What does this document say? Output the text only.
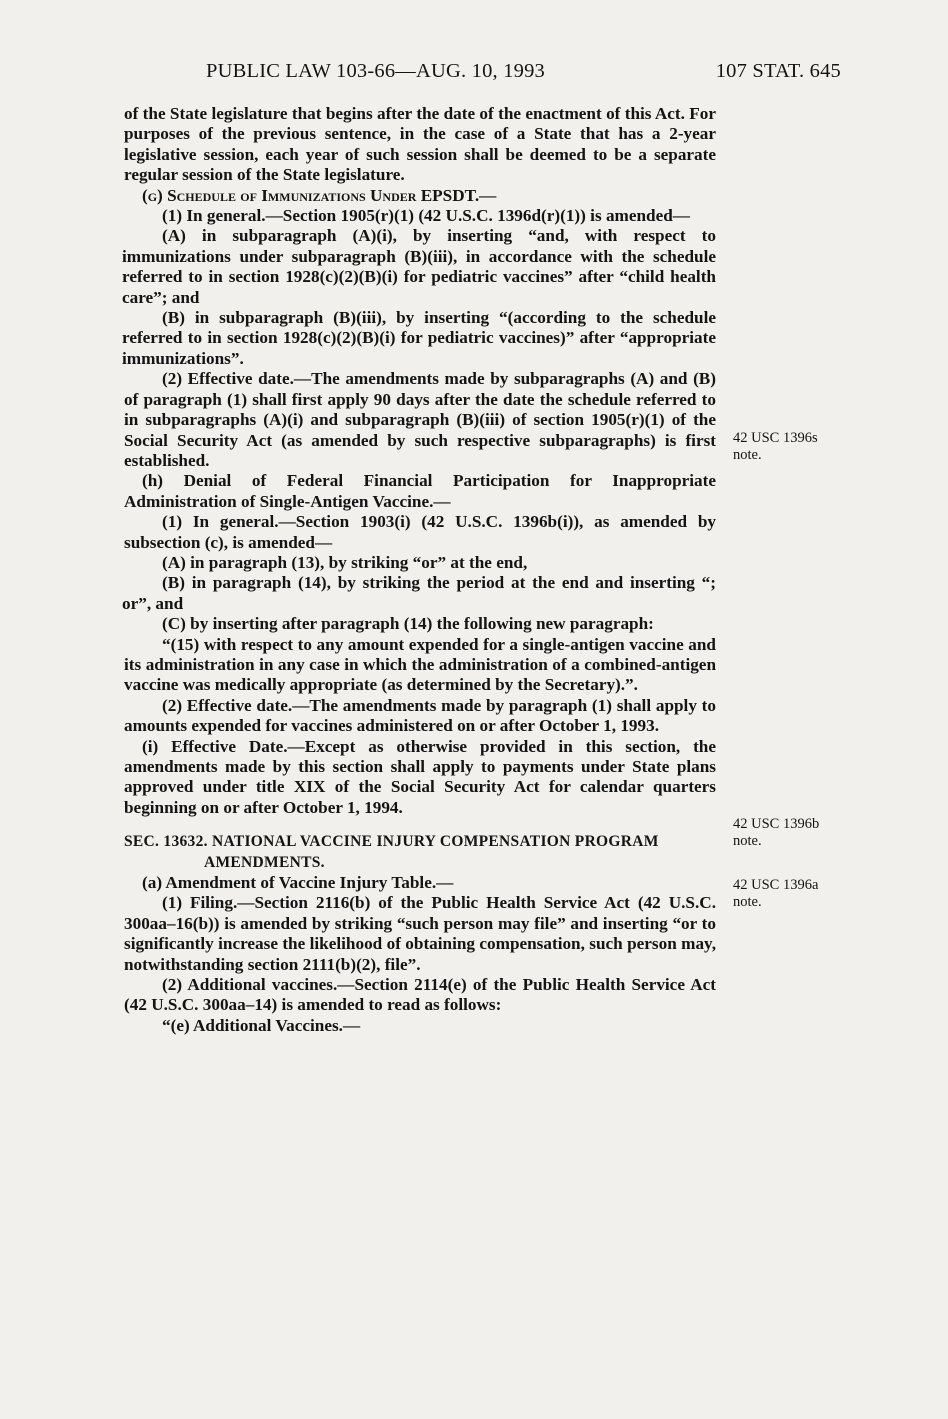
PUBLIC LAW 103-66—AUG. 10, 1993	107 STAT. 645

of the State legislature that begins after the date of the enactment of this Act. For purposes of the previous sentence, in the case of a State that has a 2-year legislative session, each year of such session shall be deemed to be a separate regular session of the State legislature.

(g) Schedule of Immunizations Under EPSDT.—

(1) In general.—Section 1905(r)(1) (42 U.S.C. 1396d(r)(1)) is amended—

(A) in subparagraph (A)(i), by inserting “and, with respect to immunizations under subparagraph (B)(iii), in accordance with the schedule referred to in section 1928(c)(2)(B)(i) for pediatric vaccines” after “child health care”; and

(B) in subparagraph (B)(iii), by inserting “(according to the schedule referred to in section 1928(c)(2)(B)(i) for pediatric vaccines)” after “appropriate immunizations”.

(2) Effective date.—The amendments made by subparagraphs (A) and (B) of paragraph (1) shall first apply 90 days after the date the schedule referred to in subparagraphs (A)(i) and subparagraph (B)(iii) of section 1905(r)(1) of the Social Security Act (as amended by such respective subparagraphs) is first established.

(h) Denial of Federal Financial Participation for Inappropriate Administration of Single-Antigen Vaccine.—

(1) In general.—Section 1903(i) (42 U.S.C. 1396b(i)), as amended by subsection (c), is amended—

(A) in paragraph (13), by striking “or” at the end,

(B) in paragraph (14), by striking the period at the end and inserting “; or”, and

(C) by inserting after paragraph (14) the following new paragraph:

“(15) with respect to any amount expended for a single-antigen vaccine and its administration in any case in which the administration of a combined-antigen vaccine was medically appropriate (as determined by the Secretary).”.

(2) Effective date.—The amendments made by paragraph (1) shall apply to amounts expended for vaccines administered on or after October 1, 1993.

(i) Effective Date.—Except as otherwise provided in this section, the amendments made by this section shall apply to payments under State plans approved under title XIX of the Social Security Act for calendar quarters beginning on or after October 1, 1994.

SEC. 13632. NATIONAL VACCINE INJURY COMPENSATION PROGRAM
AMENDMENTS.

(a) Amendment of Vaccine Injury Table.—

(1) Filing.—Section 2116(b) of the Public Health Service Act (42 U.S.C. 300aa–16(b)) is amended by striking “such person may file” and inserting “or to significantly increase the likelihood of obtaining compensation, such person may, notwithstanding section 2111(b)(2), file”.

(2) Additional vaccines.—Section 2114(e) of the Public Health Service Act (42 U.S.C. 300aa–14) is amended to read as follows:

“(e) Additional Vaccines.—

42 USC 1396s note.
42 USC 1396b note.
42 USC 1396a note.
